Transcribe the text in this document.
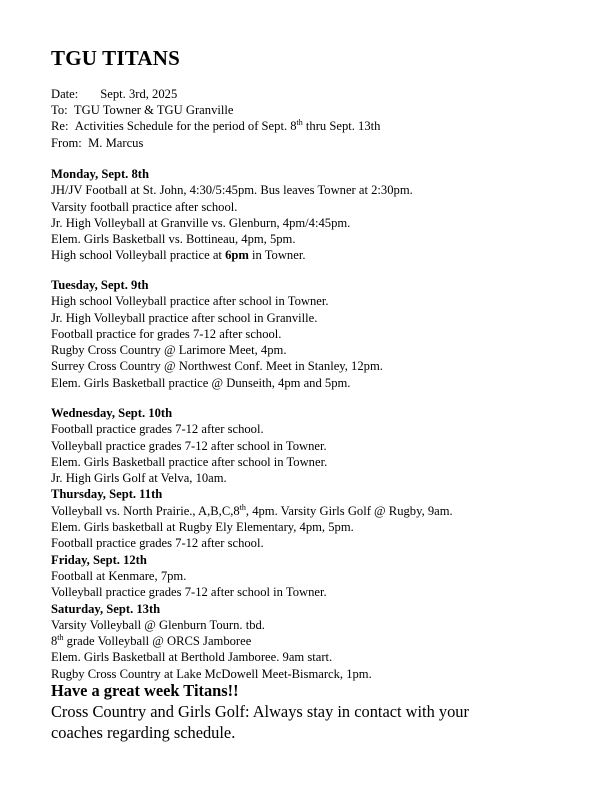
TGU TITANS
Date: Sept. 3rd, 2025
To: TGU Towner & TGU Granville
Re: Activities Schedule for the period of Sept. 8th thru Sept. 13th
From: M. Marcus
Monday, Sept. 8th
JH/JV Football at St. John, 4:30/5:45pm. Bus leaves Towner at 2:30pm.
Varsity football practice after school.
Jr. High Volleyball at Granville vs. Glenburn, 4pm/4:45pm.
Elem. Girls Basketball vs. Bottineau, 4pm, 5pm.
High school Volleyball practice at 6pm in Towner.
Tuesday, Sept. 9th
High school Volleyball practice after school in Towner.
Jr. High Volleyball practice after school in Granville.
Football practice for grades 7-12 after school.
Rugby Cross Country @ Larimore Meet, 4pm.
Surrey Cross Country @ Northwest Conf. Meet in Stanley, 12pm.
Elem. Girls Basketball practice @ Dunseith, 4pm and 5pm.
Wednesday, Sept. 10th
Football practice grades 7-12 after school.
Volleyball practice grades 7-12 after school in Towner.
Elem. Girls Basketball practice after school in Towner.
Jr. High Girls Golf at Velva, 10am.
Thursday, Sept. 11th
Volleyball vs. North Prairie., A,B,C,8th, 4pm. Varsity Girls Golf @ Rugby, 9am.
Elem. Girls basketball at Rugby Ely Elementary, 4pm, 5pm.
Football practice grades 7-12 after school.
Friday, Sept. 12th
Football at Kenmare, 7pm.
Volleyball practice grades 7-12 after school in Towner.
Saturday, Sept. 13th
Varsity Volleyball @ Glenburn Tourn. tbd.
8th grade Volleyball @ ORCS Jamboree
Elem. Girls Basketball at Berthold Jamboree. 9am start.
Rugby Cross Country at Lake McDowell Meet-Bismarck, 1pm.
Have a great week Titans!!
Cross Country and Girls Golf: Always stay in contact with your
coaches regarding schedule.
